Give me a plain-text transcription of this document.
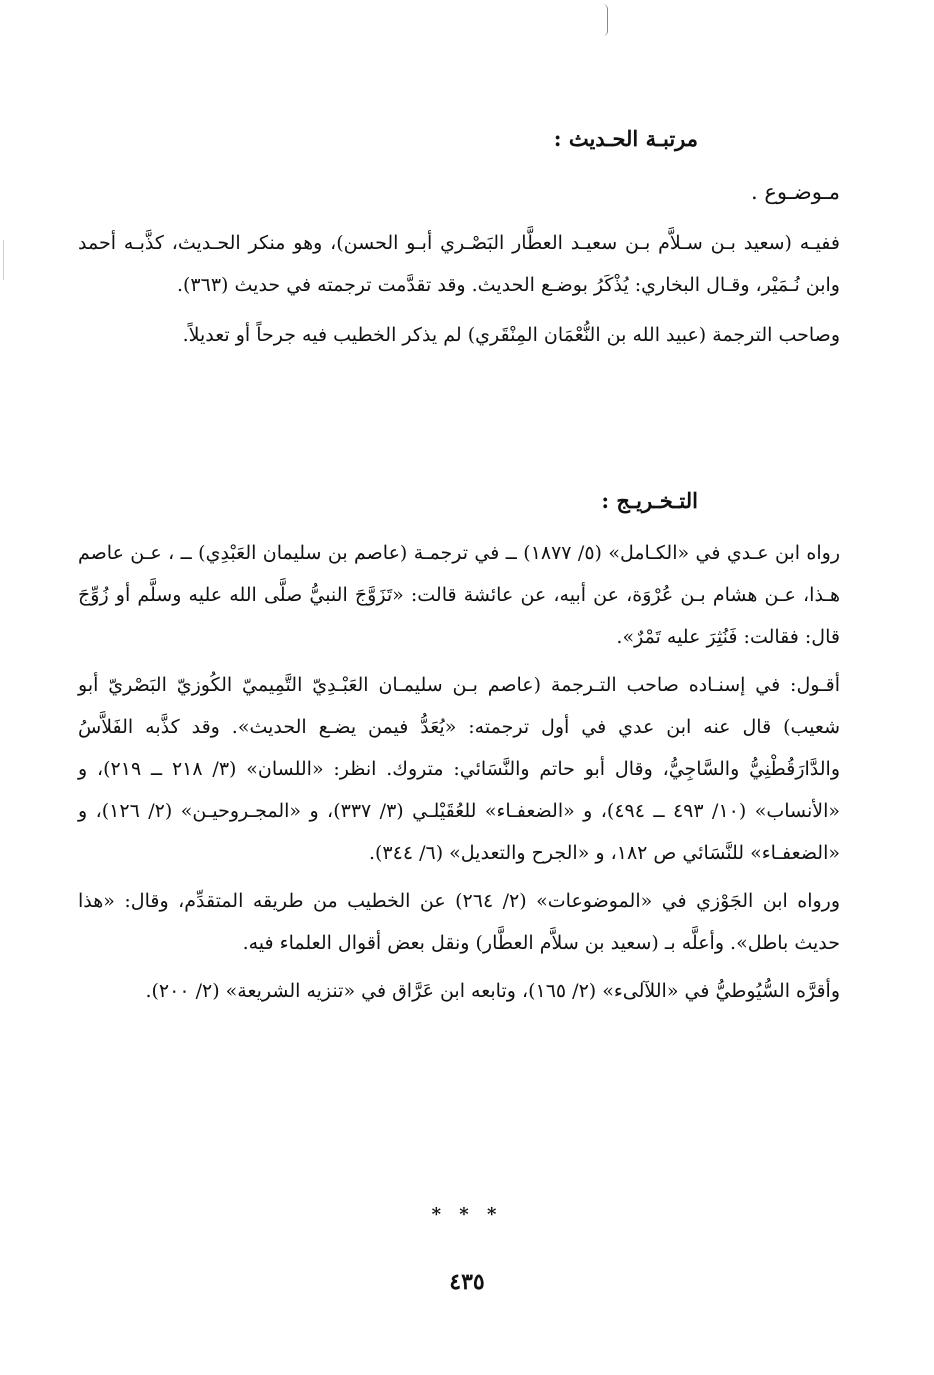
مرتبـة الحـديث :
مـوضـوع .

ففيـه (سعيد بـن سـلاَّم بـن سعيـد العطَّار البَصْـري أبـو الحسن)، وهو منكر الحـديث، كذَّبـه أحمد وابن نُـمَيْر، وقـال البخاري: يُذْكَرُ بوضـع الحديث. وقد تقدَّمت ترجمته في حديث (٣٦٣).

وصاحب الترجمة (عبيد الله بن النُّعْمَان المِنْقَري) لم يذكر الخطيب فيه جرحاً أو تعديلاً.

التـخـريـج :

رواه ابن عـدي في «الكـامل» (٥/ ١٨٧٧) ــ في ترجمـة (عاصم بن سليمان العَبْدِي) ــ ، عـن عاصم هـذا، عـن هشام بـن عُرْوَة، عن أبيه، عن عائشة قالت: «تَزَوَّجَ النبيُّ صلَّى الله عليه وسلَّم أو زُوِّجَ قال: فقالت: فَنُثِرَ عليه تَمْرٌ».

أقـول: في إسنـاده صاحب التـرجمة (عاصم بـن سليمـان العَبْـدِيّ التَّمِيميّ الكُوزيّ البَصْريّ أبو شعيب) قال عنه ابن عدي في أول ترجمته: «يُعَدُّ فيمن يضـع الحديث». وقد كذَّبه الفَلاَّسُ والدَّارَقُطْنِيُّ والسَّاجِيُّ، وقال أبو حاتم والنَّسَائي: متروك. انظر: «اللسان» (٣/ ٢١٨ ــ ٢١٩)، و «الأنساب» (١٠/ ٤٩٣ ــ ٤٩٤)، و «الضعفـاء» للعُقَيْلـي (٣/ ٣٣٧)، و «المجـروحيـن» (٢/ ١٢٦)، و «الضعفـاء» للنَّسَائي ص ١٨٢، و «الجرح والتعديل» (٦/ ٣٤٤).

ورواه ابن الجَوْزي في «الموضوعات» (٢/ ٢٦٤) عن الخطيب من طريقه المتقدِّم، وقال: «هذا حديث باطل». وأعلَّه بـ (سعيد بن سلاَّم العطَّار) ونقل بعض أقوال العلماء فيه.

وأقرَّه السُّيُوطيُّ في «اللآلىء» (٢/ ١٦٥)، وتابعه ابن عَرَّاق في «تنزيه الشريعة» (٢/ ٢٠٠).

* * *
٤٣٥
